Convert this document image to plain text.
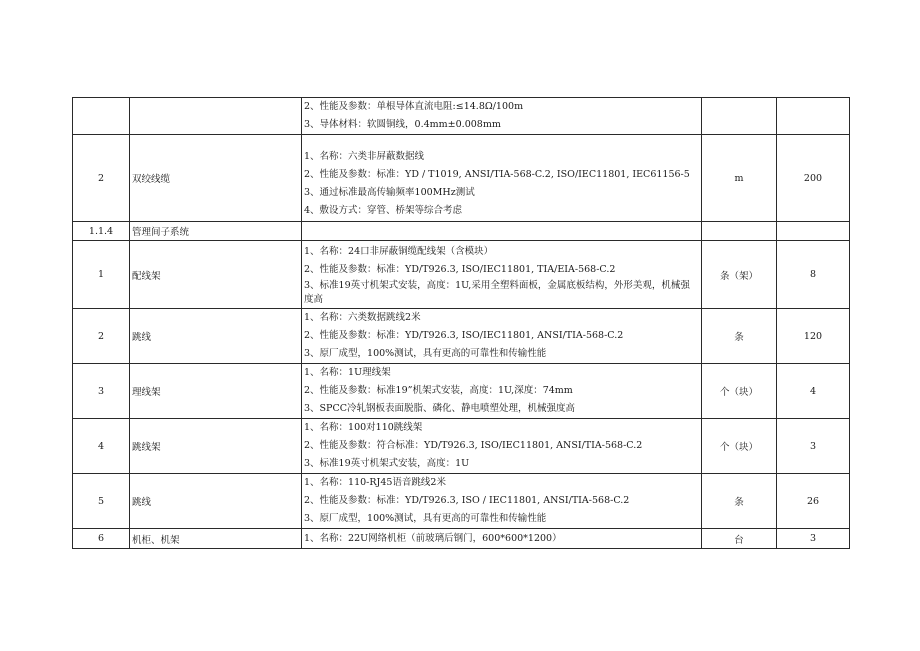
		2、性能及参数：单根导体直流电阻:≤14.8Ω/100m
3、导体材料：软圆铜线，0.4mm±0.008mm		

2	双绞线缆	1、名称：六类非屏蔽数据线
2、性能及参数：标准：YD / T1019, ANSI/TIA-568-C.2, ISO/IEC11801, IEC61156-5
3、通过标准最高传输频率100MHz测试
4、敷设方式：穿管、桥架等综合考虑	m	200
1.1.4	管理间子系统			
1	配线架	1、名称：24口非屏蔽铜缆配线架（含模块）
2、性能及参数：标准：YD/T926.3, ISO/IEC11801, TIA/EIA-568-C.2
3、标准19英寸机架式安装，高度：1U,采用全塑料面板，金属底板结构，外形美观，机械强度高	条（架）	8
2	跳线	1、名称：六类数据跳线2米
2、性能及参数：标准：YD/T926.3, ISO/IEC11801, ANSI/TIA-568-C.2
3、原厂成型，100%测试，具有更高的可靠性和传输性能	条	120
3	理线架	1、名称：1U理线架
2、性能及参数：标准19”机架式安装，高度：1U,深度：74mm
3、SPCC冷轧钢板表面脱脂、磷化、静电喷塑处理，机械强度高	个（块）	4
4	跳线架	1、名称：100对110跳线架
2、性能及参数：符合标准：YD/T926.3, ISO/IEC11801, ANSI/TIA-568-C.2
3、标准19英寸机架式安装，高度：1U	个（块）	3
5	跳线	1、名称：110-RJ45语音跳线2米
2、性能及参数：标准：YD/T926.3, ISO / IEC11801, ANSI/TIA-568-C.2
3、原厂成型，100%测试，具有更高的可靠性和传输性能	条	26
6	机柜、机架	1、名称：22U网络机柜（前玻璃后钢门，600*600*1200）	台	3
